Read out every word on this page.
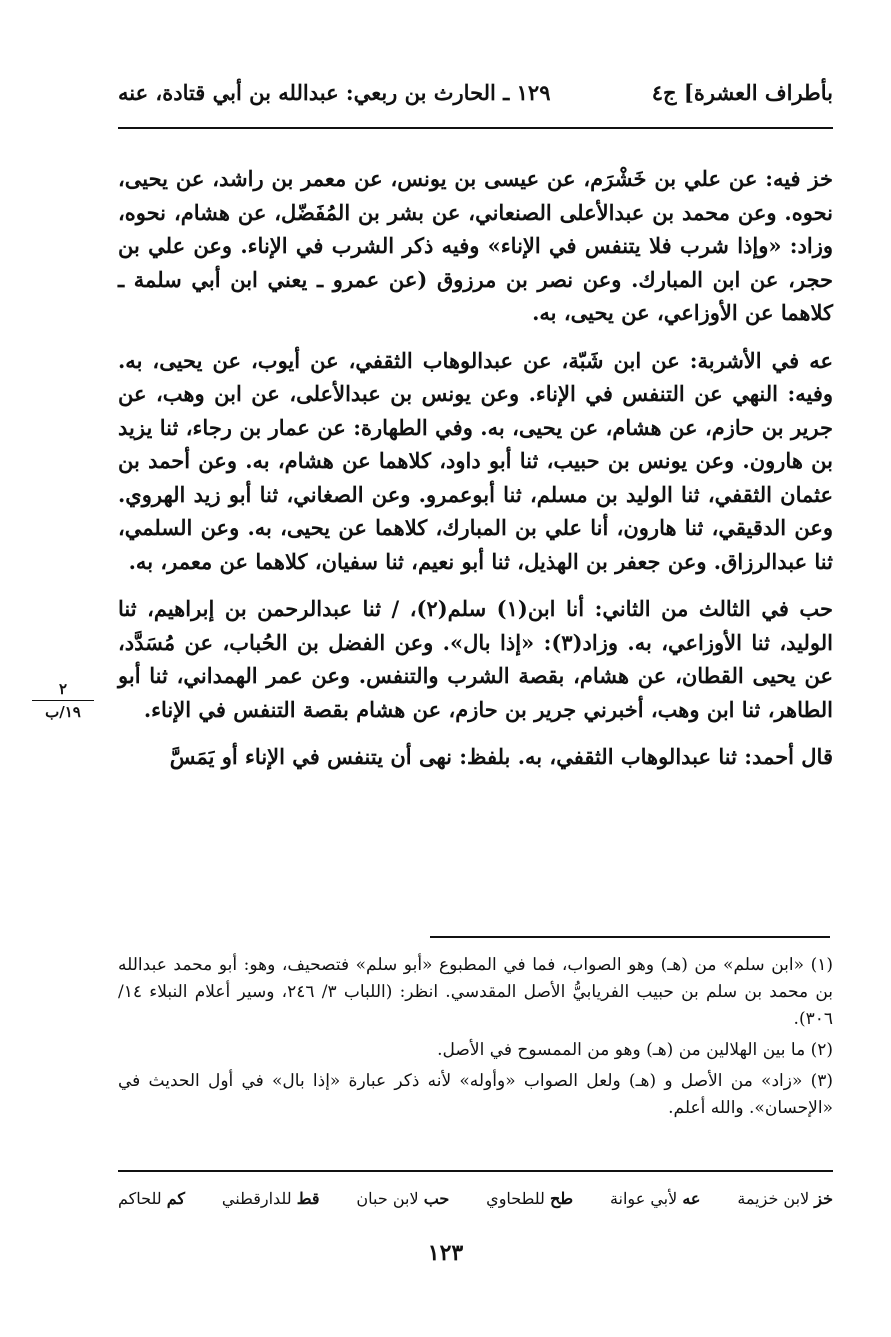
بأطراف العشرة] ج٤
١٢٩ ـ الحارث بن ربعي: عبدالله بن أبي قتادة، عنه

خز فيه: عن علي بن خَشْرَم، عن عيسى بن يونس، عن معمر بن راشد، عن يحيى، نحوه. وعن محمد بن عبدالأعلى الصنعاني، عن بشر بن المُفَضّل، عن هشام، نحوه، وزاد: «وإذا شرب فلا يتنفس في الإناء» وفيه ذكر الشرب في الإناء. وعن علي بن حجر، عن ابن المبارك. وعن نصر بن مرزوق (عن عمرو ـ يعني ابن أبي سلمة ـ كلاهما عن الأوزاعي، عن يحيى، به.

عه في الأشربة: عن ابن شَبّة، عن عبدالوهاب الثقفي، عن أيوب، عن يحيى، به. وفيه: النهي عن التنفس في الإناء. وعن يونس بن عبدالأعلى، عن ابن وهب، عن جرير بن حازم، عن هشام، عن يحيى، به. وفي الطهارة: عن عمار بن رجاء، ثنا يزيد بن هارون. وعن يونس بن حبيب، ثنا أبو داود، كلاهما عن هشام، به. وعن أحمد بن عثمان الثقفي، ثنا الوليد بن مسلم، ثنا أبوعمرو. وعن الصغاني، ثنا أبو زيد الهروي. وعن الدقيقي، ثنا هارون، أنا علي بن المبارك، كلاهما عن يحيى، به. وعن السلمي، ثنا عبدالرزاق. وعن جعفر بن الهذيل، ثنا أبو نعيم، ثنا سفيان، كلاهما عن معمر، به.

حب في الثالث من الثاني: أنا ابن(١) سلم(٢)، / ثنا عبدالرحمن بن إبراهيم، ثنا الوليد، ثنا الأوزاعي، به. وزاد(٣): «إذا بال». وعن الفضل بن الحُباب، عن مُسَدَّد، عن يحيى القطان، عن هشام، بقصة الشرب والتنفس. وعن عمر الهمداني، ثنا أبو الطاهر، ثنا ابن وهب، أخبرني جرير بن حازم، عن هشام بقصة التنفس في الإناء.

قال أحمد: ثنا عبدالوهاب الثقفي، به. بلفظ: نهى أن يتنفس في الإناء أو يَمَسَّ

٢
١٩/ب

(١) «ابن سلم» من (هـ) وهو الصواب، فما في المطبوع «أبو سلم» فتصحيف، وهو: أبو محمد عبدالله بن محمد بن سلم بن حبيب الفريابيُّ الأصل المقدسي. انظر: (اللباب ٣/ ٢٤٦، وسير أعلام النبلاء ١٤/ ٣٠٦).

(٢) ما بين الهلالين من (هـ) وهو من الممسوح في الأصل.

(٣) «زاد» من الأصل و (هـ) ولعل الصواب «وأوله» لأنه ذكر عبارة «إذا بال» في أول الحديث في «الإحسان». والله أعلم.

خز لابن خزيمة
عه لأبي عوانة
طح للطحاوي
حب لابن حبان
قط للدارقطني
كم للحاكم
١٢٣
